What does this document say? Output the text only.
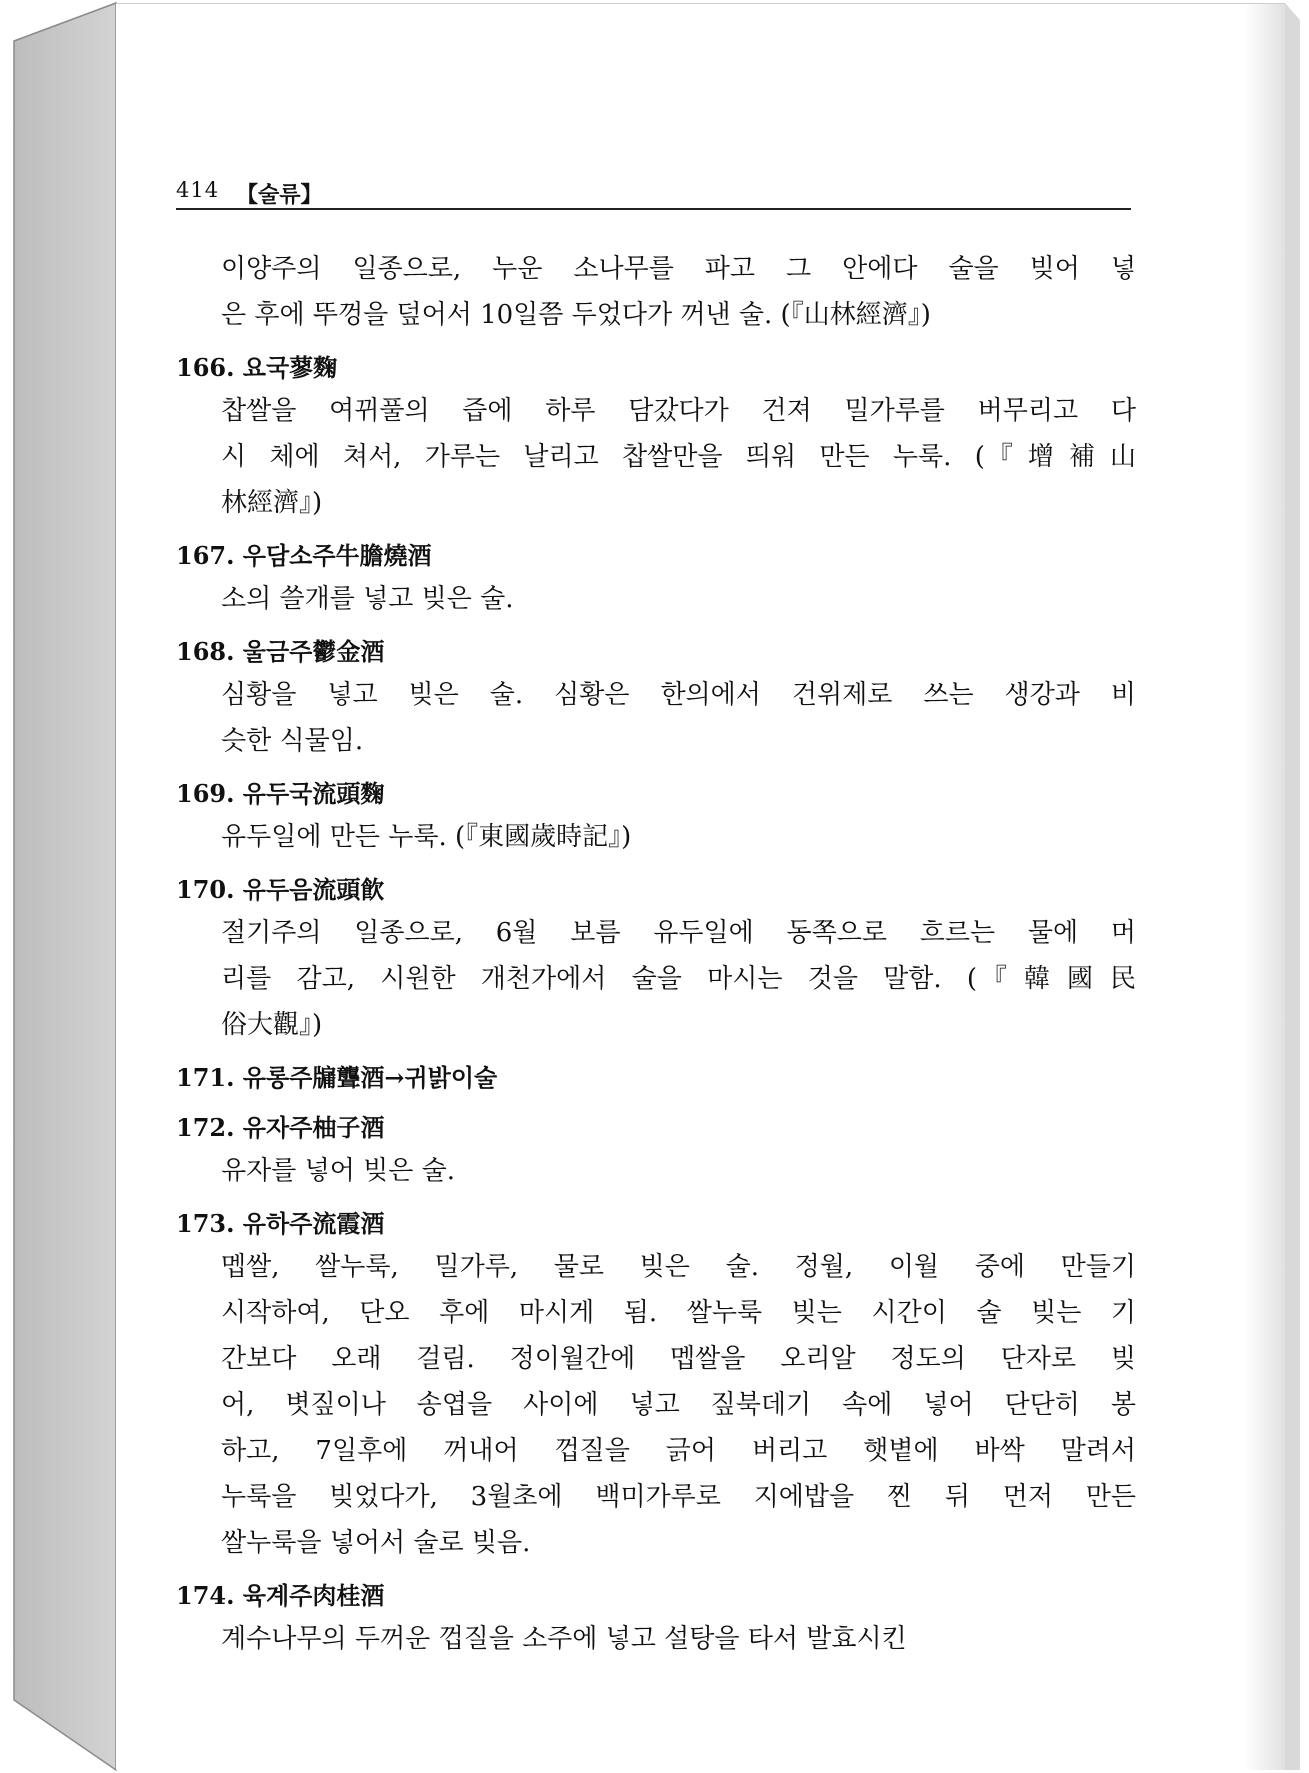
414 【술류】
이양주의 일종으로, 누운 소나무를 파고 그 안에다 술을 빚어 넣
은 후에 뚜껑을 덮어서 10일쯤 두었다가 꺼낸 술. (『山林經濟』)
166. 요국蓼麴
찹쌀을 여뀌풀의 즙에 하루 담갔다가 건져 밀가루를 버무리고 다
시 체에 쳐서, 가루는 날리고 찹쌀만을 띄워 만든 누룩. (『增補山
林經濟』)
167. 우담소주牛膽燒酒
소의 쓸개를 넣고 빚은 술.
168. 울금주鬱金酒
심황을 넣고 빚은 술. 심황은 한의에서 건위제로 쓰는 생강과 비
슷한 식물임.
169. 유두국流頭麴
유두일에 만든 누룩. (『東國歲時記』)
170. 유두음流頭飮
절기주의 일종으로, 6월 보름 유두일에 동쪽으로 흐르는 물에 머
리를 감고, 시원한 개천가에서 술을 마시는 것을 말함. (『韓國民
俗大觀』)
171. 유롱주牖聾酒→귀밝이술
172. 유자주柚子酒
유자를 넣어 빚은 술.
173. 유하주流霞酒
멥쌀, 쌀누룩, 밀가루, 물로 빚은 술. 정월, 이월 중에 만들기
시작하여, 단오 후에 마시게 됨. 쌀누룩 빚는 시간이 술 빚는 기
간보다 오래 걸림. 정이월간에 멥쌀을 오리알 정도의 단자로 빚
어, 볏짚이나 송엽을 사이에 넣고 짚북데기 속에 넣어 단단히 봉
하고, 7일후에 꺼내어 껍질을 긁어 버리고 햇볕에 바싹 말려서
누룩을 빚었다가, 3월초에 백미가루로 지에밥을 찐 뒤 먼저 만든
쌀누룩을 넣어서 술로 빚음.
174. 육계주肉桂酒
계수나무의 두꺼운 껍질을 소주에 넣고 설탕을 타서 발효시킨
